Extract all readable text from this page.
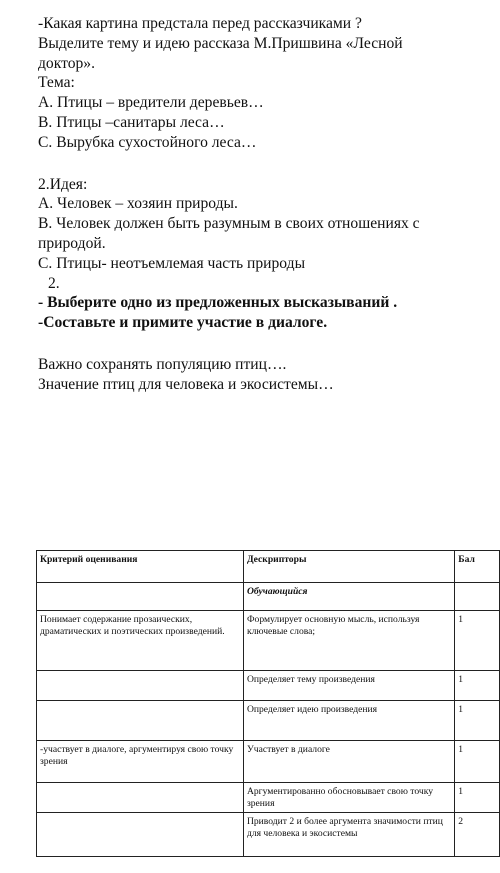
-Какая картина предстала перед рассказчиками ?
Выделите тему и идею рассказа М.Пришвина «Лесной
доктор».
Тема:
А. Птицы – вредители деревьев…
В. Птицы –санитары леса…
С. Вырубка сухостойного леса…
2.Идея:
А. Человек – хозяин природы.
В. Человек должен быть разумным в своих отношениях с
природой.
С. Птицы- неотъемлемая часть природы
2.
- Выберите одно из предложенных высказываний .
-Составьте и примите участие в диалоге.
Важно сохранять популяцию птиц….
Значение птиц для человека и экосистемы…
Критерий оценивания	Дескрипторы	Бал
	Обучающийся	
Понимает содержание прозаических, драматических и поэтических произведений.	Формулирует основную мысль, используя ключевые слова;	1
	Определяет тему произведения	1
	Определяет идею произведения	1
-участвует в диалоге, аргументируя свою точку зрения	Участвует в диалоге	1
	Аргументированно обосновывает свою точку зрения	1
	Приводит 2 и более аргумента значимости птиц для человека и экосистемы	2
